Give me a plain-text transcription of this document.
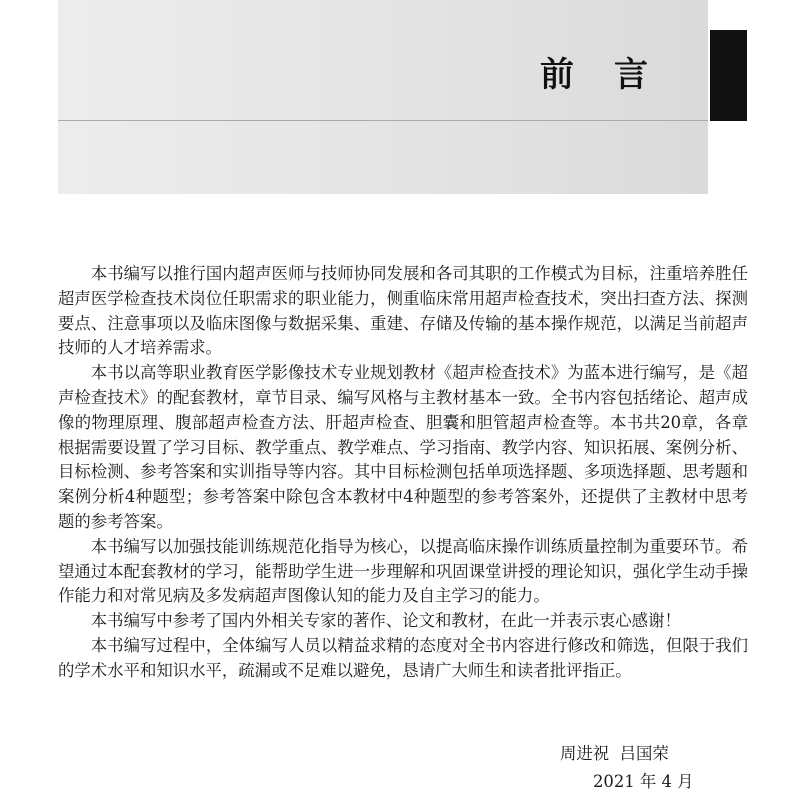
前言

本书编写以推行国内超声医师与技师协同发展和各司其职的工作模式为目标，注重培养胜任超声医学检查技术岗位任职需求的职业能力，侧重临床常用超声检查技术，突出扫查方法、探测要点、注意事项以及临床图像与数据采集、重建、存储及传输的基本操作规范，以满足当前超声技师的人才培养需求。

本书以高等职业教育医学影像技术专业规划教材《超声检查技术》为蓝本进行编写，是《超声检查技术》的配套教材，章节目录、编写风格与主教材基本一致。全书内容包括绪论、超声成像的物理原理、腹部超声检查方法、肝超声检查、胆囊和胆管超声检查等。本书共20章，各章根据需要设置了学习目标、教学重点、教学难点、学习指南、教学内容、知识拓展、案例分析、目标检测、参考答案和实训指导等内容。其中目标检测包括单项选择题、多项选择题、思考题和案例分析4种题型；参考答案中除包含本教材中4种题型的参考答案外，还提供了主教材中思考题的参考答案。

本书编写以加强技能训练规范化指导为核心，以提高临床操作训练质量控制为重要环节。希望通过本配套教材的学习，能帮助学生进一步理解和巩固课堂讲授的理论知识，强化学生动手操作能力和对常见病及多发病超声图像认知的能力及自主学习的能力。

本书编写中参考了国内外相关专家的著作、论文和教材，在此一并表示衷心感谢！

本书编写过程中，全体编写人员以精益求精的态度对全书内容进行修改和筛选，但限于我们的学术水平和知识水平，疏漏或不足难以避免，恳请广大师生和读者批评指正。

周进祝  吕国荣

2021 年 4 月
